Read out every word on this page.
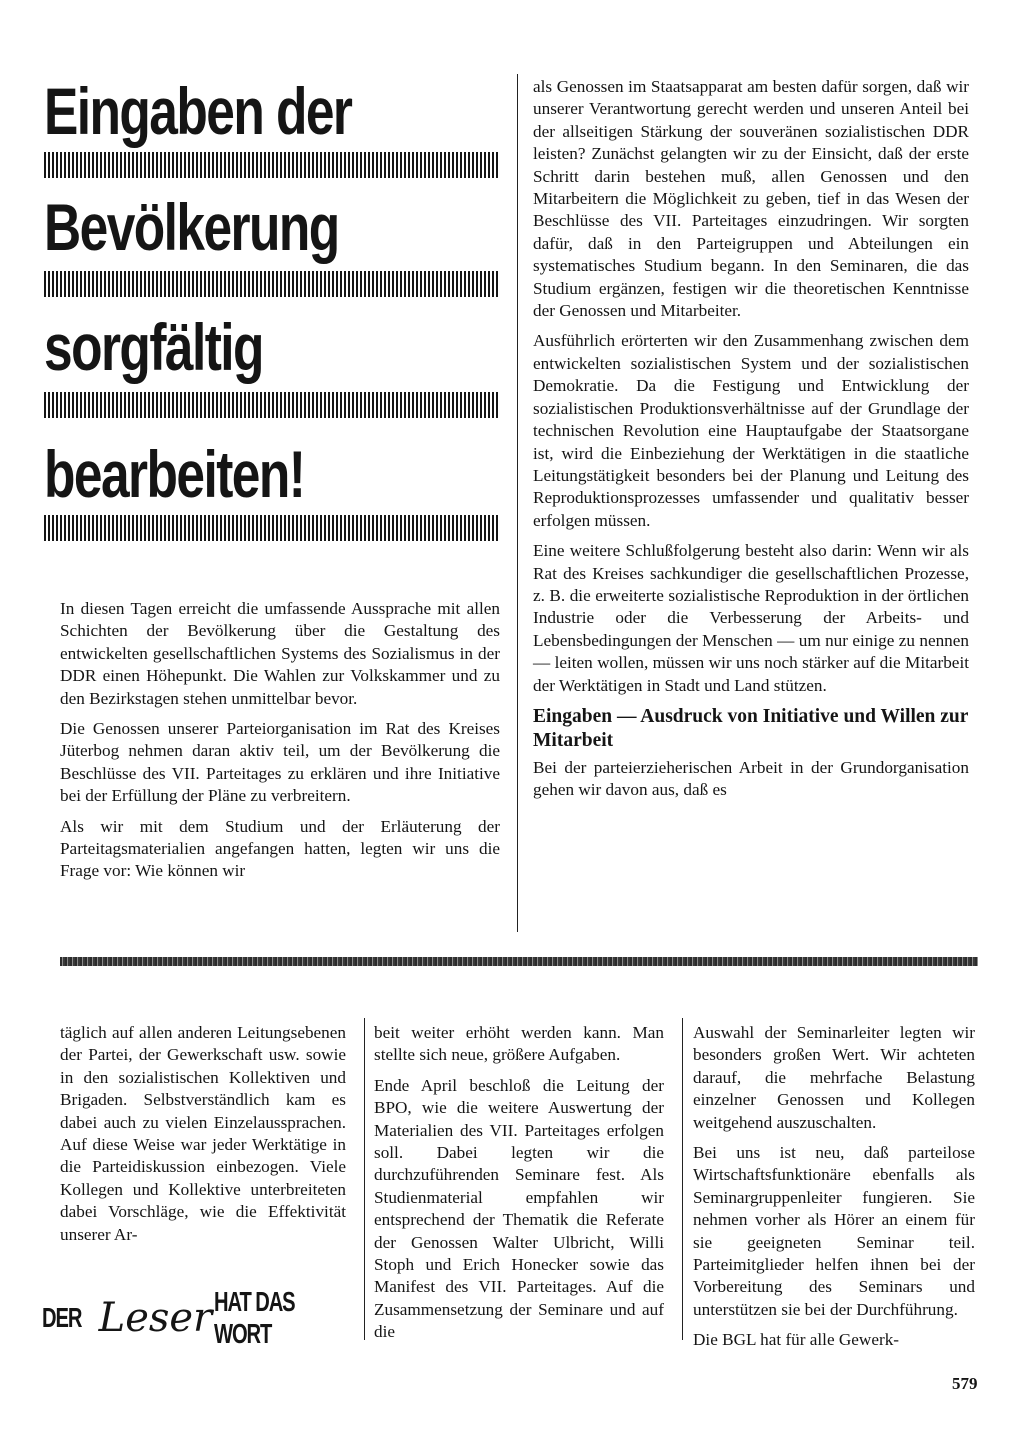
Eingaben der
Bevölkerung
sorgfältig
bearbeiten!

In diesen Tagen erreicht die umfassende Aussprache mit allen Schichten der Bevölkerung über die Gestaltung des entwickelten gesellschaftlichen Systems des Sozialismus in der DDR einen Höhepunkt. Die Wahlen zur Volkskammer und zu den Bezirkstagen stehen unmittelbar bevor.

Die Genossen unserer Parteiorganisation im Rat des Kreises Jüterbog nehmen daran aktiv teil, um der Bevölkerung die Beschlüsse des VII. Parteitages zu erklären und ihre Initiative bei der Erfüllung der Pläne zu verbreitern.

Als wir mit dem Studium und der Erläuterung der Parteitagsmaterialien angefangen hatten, legten wir uns die Frage vor: Wie können wir

als Genossen im Staatsapparat am besten dafür sorgen, daß wir unserer Verantwortung gerecht werden und unseren Anteil bei der allseitigen Stärkung der souveränen sozialistischen DDR leisten? Zunächst gelangten wir zu der Einsicht, daß der erste Schritt darin bestehen muß, allen Genossen und den Mitarbeitern die Möglichkeit zu geben, tief in das Wesen der Beschlüsse des VII. Parteitages einzudringen. Wir sorgten dafür, daß in den Parteigruppen und Abteilungen ein systematisches Studium begann. In den Seminaren, die das Studium ergänzen, festigen wir die theoretischen Kenntnisse der Genossen und Mitarbeiter.

Ausführlich erörterten wir den Zusammenhang zwischen dem entwickelten sozialistischen System und der sozialistischen Demokratie. Da die Festigung und Entwicklung der sozialistischen Produktionsverhältnisse auf der Grundlage der technischen Revolution eine Hauptaufgabe der Staatsorgane ist, wird die Einbeziehung der Werktätigen in die staatliche Leitungstätigkeit besonders bei der Planung und Leitung des Reproduktionsprozesses umfassender und qualitativ besser erfolgen müssen.

Eine weitere Schlußfolgerung besteht also darin: Wenn wir als Rat des Kreises sachkundiger die gesellschaftlichen Prozesse, z. B. die erweiterte sozialistische Reproduktion in der örtlichen Industrie oder die Verbesserung der Arbeits- und Lebensbedingungen der Menschen — um nur einige zu nennen — leiten wollen, müssen wir uns noch stärker auf die Mitarbeit der Werktätigen in Stadt und Land stützen.

Eingaben — Ausdruck von Initiative und Willen zur Mitarbeit

Bei der parteierzieherischen Arbeit in der Grundorganisation gehen wir davon aus, daß es

täglich auf allen anderen Leitungsebenen der Partei, der Gewerkschaft usw. sowie in den sozialistischen Kollektiven und Brigaden. Selbstverständlich kam es dabei auch zu vielen Einzelaussprachen. Auf diese Weise war jeder Werktätige in die Parteidiskussion einbezogen. Viele Kollegen und Kollektive unterbreiteten dabei Vorschläge, wie die Effektivität unserer Ar-

beit weiter erhöht werden kann. Man stellte sich neue, größere Aufgaben.

Ende April beschloß die Leitung der BPO, wie die weitere Auswertung der Materialien des VII. Parteitages erfolgen soll. Dabei legten wir die durchzuführenden Seminare fest. Als Studienmaterial empfahlen wir entsprechend der Thematik die Referate der Genossen Walter Ulbricht, Willi Stoph und Erich Honecker sowie das Manifest des VII. Parteitages. Auf die Zusammensetzung der Seminare und auf die

Auswahl der Seminarleiter legten wir besonders großen Wert. Wir achteten darauf, die mehrfache Belastung einzelner Genossen und Kollegen weitgehend auszuschalten.

Bei uns ist neu, daß parteilose Wirtschaftsfunktionäre ebenfalls als Seminargruppenleiter fungieren. Sie nehmen vorher als Hörer an einem für sie geeigneten Seminar teil. Parteimitglieder helfen ihnen bei der Vorbereitung des Seminars und unterstützen sie bei der Durchführung.

Die BGL hat für alle Gewerk-

DER Leser HAT DAS WORT
579
